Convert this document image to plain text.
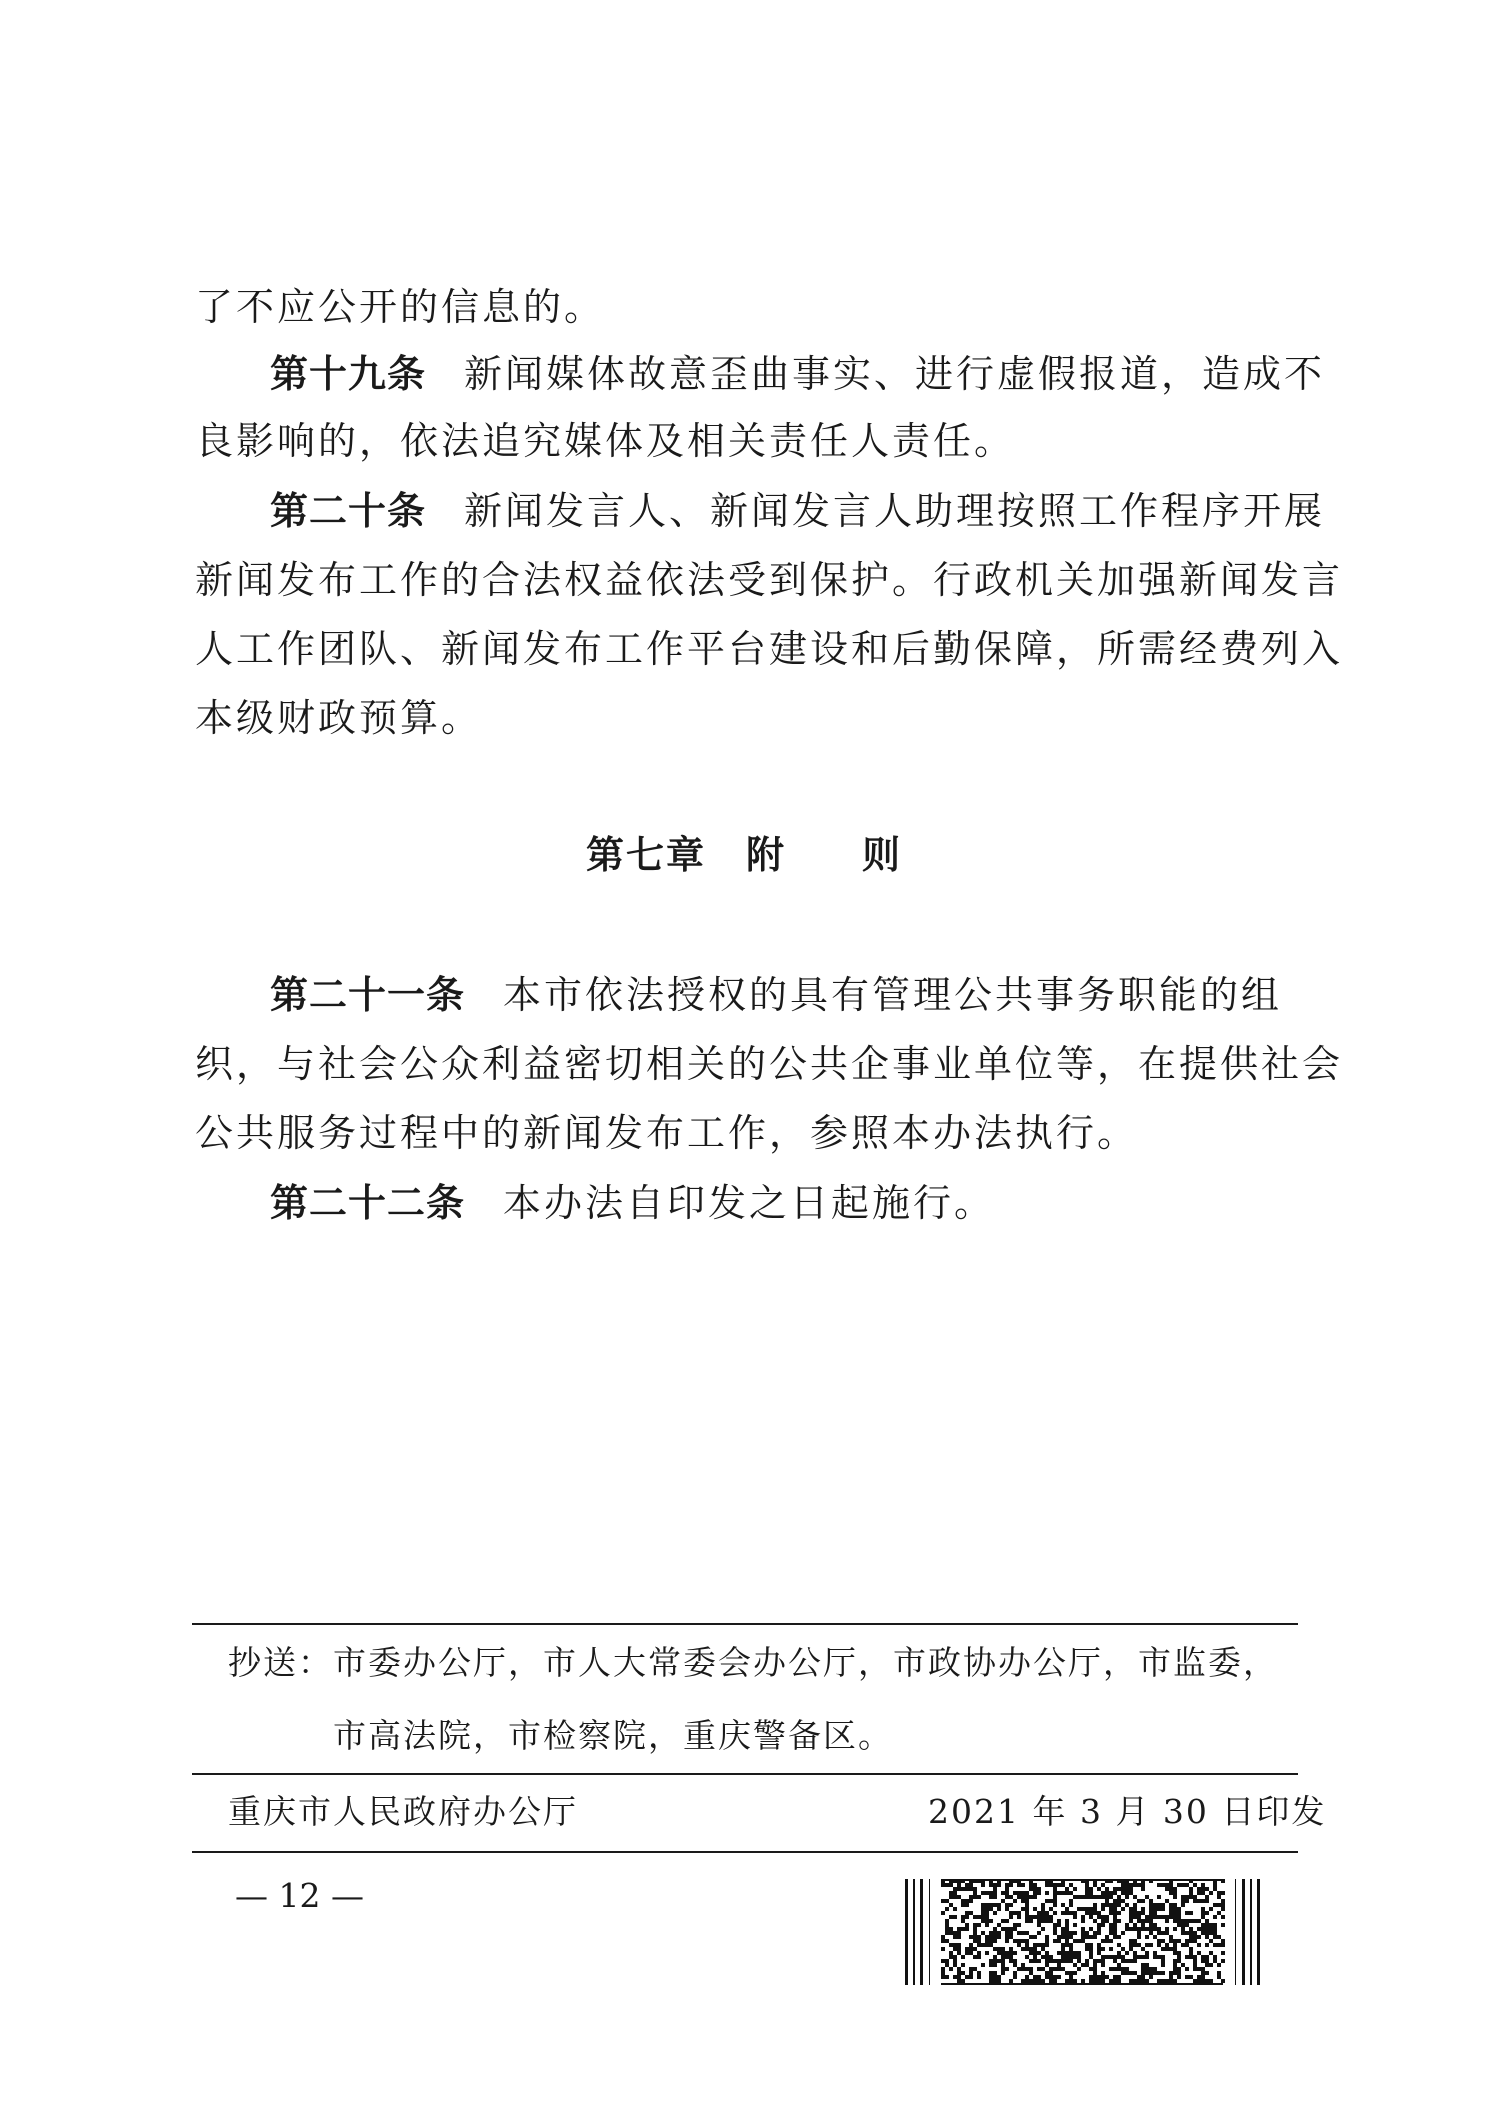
了不应公开的信息的。
第十九条 新闻媒体故意歪曲事实、进行虚假报道，造成不
良影响的，依法追究媒体及相关责任人责任。
第二十条 新闻发言人、新闻发言人助理按照工作程序开展
新闻发布工作的合法权益依法受到保护。行政机关加强新闻发言
人工作团队、新闻发布工作平台建设和后勤保障，所需经费列入
本级财政预算。
第七章 附 则
第二十一条 本市依法授权的具有管理公共事务职能的组
织，与社会公众利益密切相关的公共企事业单位等，在提供社会
公共服务过程中的新闻发布工作，参照本办法执行。
第二十二条 本办法自印发之日起施行。
抄送：市委办公厅，市人大常委会办公厅，市政协办公厅，市监委，
市高法院，市检察院，重庆警备区。
重庆市人民政府办公厅	2021 年 3 月 30 日印发
— 12 —
